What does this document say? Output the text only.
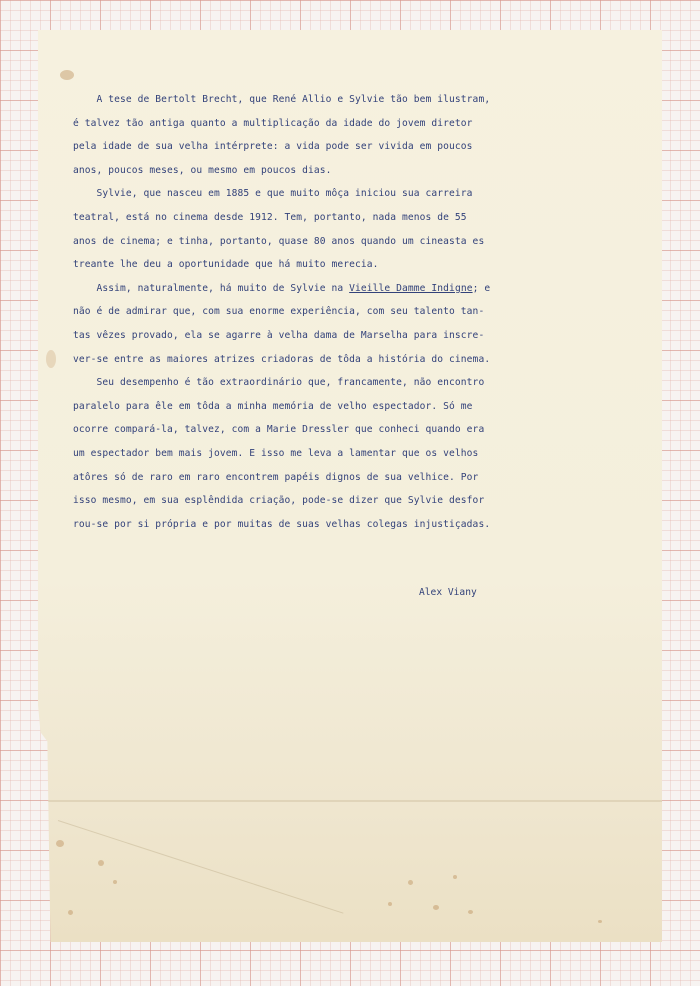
A tese de Bertolt Brecht, que René Allio e Sylvie tão bem ilustram,

é talvez tão antiga quanto a multiplicação da idade do jovem diretor

pela idade de sua velha intérprete: a vida pode ser vivida em poucos

anos, poucos meses, ou mesmo em poucos dias.

Sylvie, que nasceu em 1885 e que muito môça iniciou sua carreira

teatral, está no cinema desde 1912. Tem, portanto, nada menos de 55

anos de cinema; e tinha, portanto, quase 80 anos quando um cineasta es

treante lhe deu a oportunidade que há muito merecia.

Assim, naturalmente, há muito de Sylvie na Vieille Damme Indigne; e

não é de admirar que, com sua enorme experiência, com seu talento tan-

tas vêzes provado, ela se agarre à velha dama de Marselha para inscre-

ver-se entre as maiores atrizes criadoras de tôda a história do cinema.

Seu desempenho é tão extraordinário que, francamente, não encontro

paralelo para êle em tôda a minha memória de velho espectador. Só me

ocorre compará-la, talvez, com a Marie Dressler que conheci quando era

um espectador bem mais jovem. E isso me leva a lamentar que os velhos

atôres só de raro em raro encontrem papéis dignos de sua velhice. Por

isso mesmo, em sua esplêndida criação, pode-se dizer que Sylvie desfor

rou-se por si própria e por muitas de suas velhas colegas injustiçadas.

Alex Viany
